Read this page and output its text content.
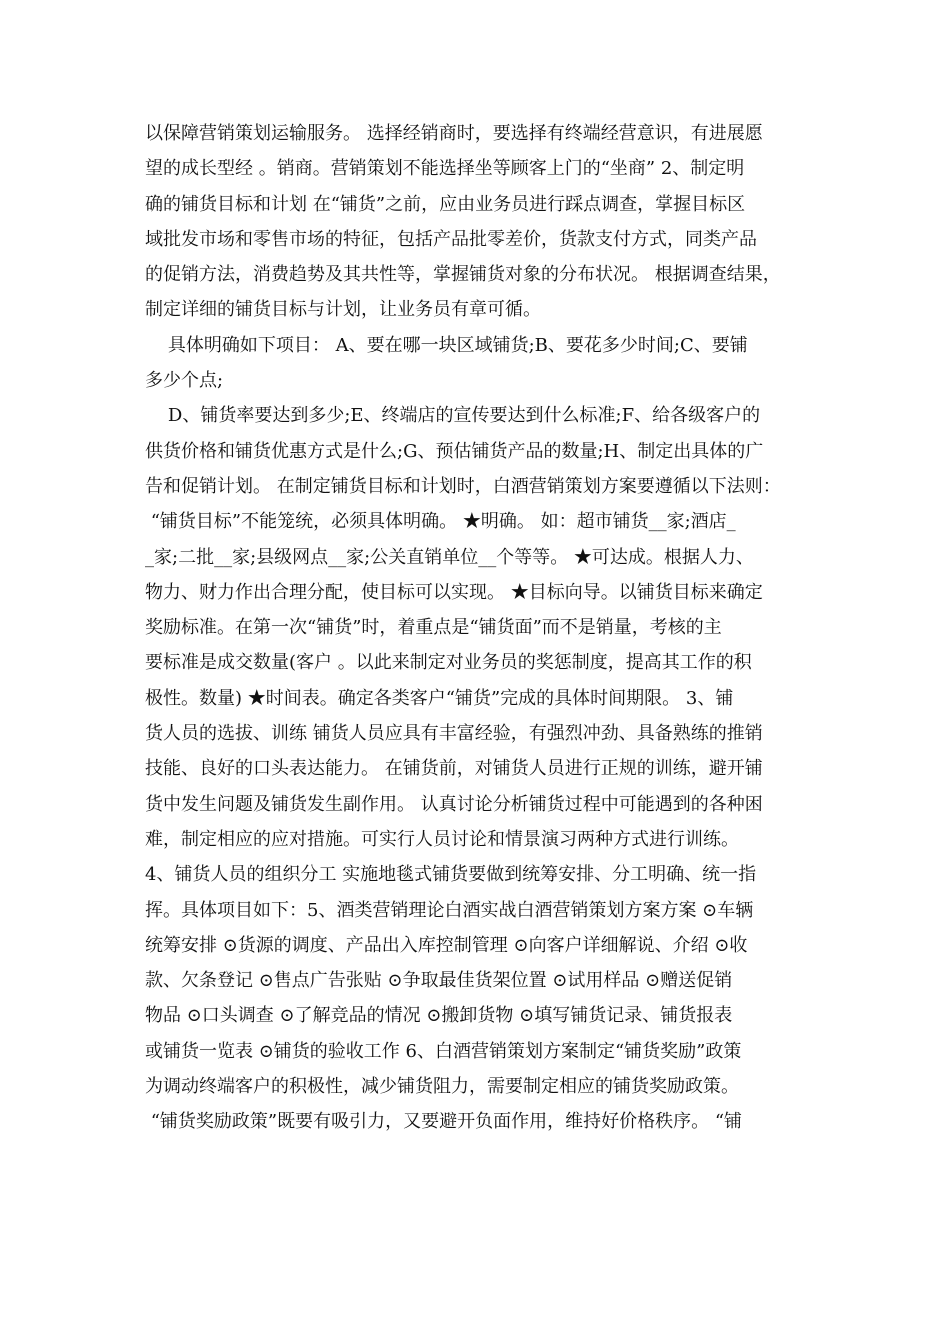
以保障营销策划运输服务。 选择经销商时，要选择有终端经营意识，有进展愿
望的成长型经 。销商。营销策划不能选择坐等顾客上门的“坐商” 2、制定明
确的铺货目标和计划 在“铺货”之前，应由业务员进行踩点调查，掌握目标区
域批发市场和零售市场的特征，包括产品批零差价，货款支付方式，同类产品
的促销方法，消费趋势及其共性等，掌握铺货对象的分布状况。 根据调查结果，
制定详细的铺货目标与计划，让业务员有章可循。
具体明确如下项目： A、要在哪一块区域铺货;B、要花多少时间;C、要铺
多少个点;
D、铺货率要达到多少;E、终端店的宣传要达到什么标准;F、给各级客户的
供货价格和铺货优惠方式是什么;G、预估铺货产品的数量;H、制定出具体的广
告和促销计划。 在制定铺货目标和计划时，白酒营销策划方案要遵循以下法则：
“铺货目标”不能笼统，必须具体明确。 ★明确。 如：超市铺货__家;酒店_
_家;二批__家;县级网点__家;公关直销单位__个等等。 ★可达成。根据人力、
物力、财力作出合理分配，使目标可以实现。 ★目标向导。以铺货目标来确定
奖励标准。在第一次“铺货”时，着重点是“铺货面”而不是销量，考核的主
要标准是成交数量(客户 。以此来制定对业务员的奖惩制度，提高其工作的积
极性。数量) ★时间表。确定各类客户“铺货”完成的具体时间期限。 3、铺
货人员的选拔、训练 铺货人员应具有丰富经验，有强烈冲劲、具备熟练的推销
技能、良好的口头表达能力。 在铺货前，对铺货人员进行正规的训练，避开铺
货中发生问题及铺货发生副作用。 认真讨论分析铺货过程中可能遇到的各种困
难，制定相应的应对措施。可实行人员讨论和情景演习两种方式进行训练。
4、铺货人员的组织分工 实施地毯式铺货要做到统筹安排、分工明确、统一指
挥。具体项目如下：5、酒类营销理论白酒实战白酒营销策划方案方案 ⊙车辆
统筹安排 ⊙货源的调度、产品出入库控制管理 ⊙向客户详细解说、介绍 ⊙收
款、欠条登记 ⊙售点广告张贴 ⊙争取最佳货架位置 ⊙试用样品 ⊙赠送促销
物品 ⊙口头调查 ⊙了解竞品的情况 ⊙搬卸货物 ⊙填写铺货记录、铺货报表
或铺货一览表 ⊙铺货的验收工作 6、白酒营销策划方案制定“铺货奖励”政策
为调动终端客户的积极性，减少铺货阻力，需要制定相应的铺货奖励政策。
“铺货奖励政策”既要有吸引力，又要避开负面作用，维持好价格秩序。 “铺
